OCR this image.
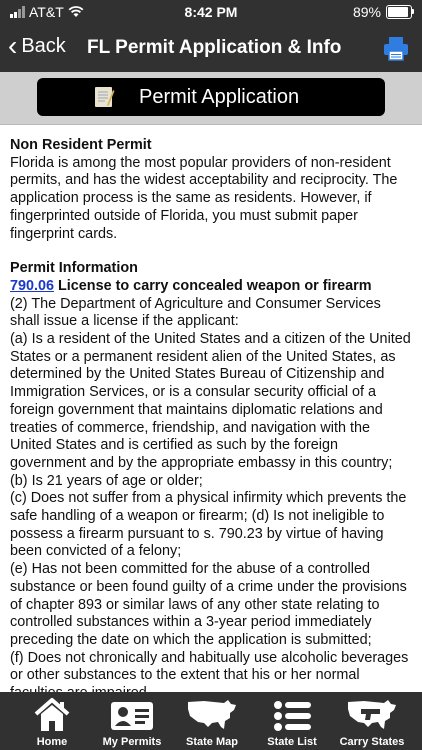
AT&T	8:42 PM	89%
‹ Back FL Permit Application & Info
Permit Application
Non Resident Permit

Florida is among the most popular providers of non-resident permits, and has the widest acceptability and reciprocity. The application process is the same as residents. However, if fingerprinted outside of Florida, you must submit paper fingerprint cards.

Permit Information
790.06 License to carry concealed weapon or firearm

(2) The Department of Agriculture and Consumer Services shall issue a license if the applicant:

(a) Is a resident of the United States and a citizen of the United States or a permanent resident alien of the United States, as determined by the United States Bureau of Citizenship and Immigration Services, or is a consular security official of a foreign government that maintains diplomatic relations and treaties of commerce, friendship, and navigation with the United States and is certified as such by the foreign government and by the appropriate embassy in this country;

(b) Is 21 years of age or older;

(c) Does not suffer from a physical infirmity which prevents the safe handling of a weapon or firearm; (d) Is not ineligible to possess a firearm pursuant to s. 790.23 by virtue of having been convicted of a felony;

(e) Has not been committed for the abuse of a controlled substance or been found guilty of a crime under the provisions of chapter 893 or similar laws of any other state relating to controlled substances within a 3-year period immediately preceding the date on which the application is submitted;

(f) Does not chronically and habitually use alcoholic beverages or other substances to the extent that his or her normal

Home	My Permits	State Map	State List	Carry States
